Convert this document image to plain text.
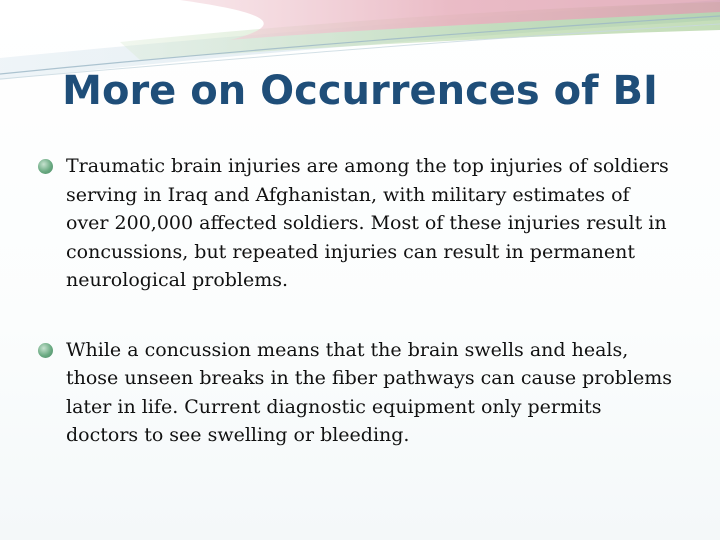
More on Occurrences of BI
Traumatic brain injuries are among the top injuries of soldiers serving in Iraq and Afghanistan, with military estimates of over 200,000 affected soldiers. Most of these injuries result in concussions, but repeated injuries can result in permanent neurological problems.
While a concussion means that the brain swells and heals, those unseen breaks in the fiber pathways can cause problems later in life. Current diagnostic equipment only permits doctors to see swelling or bleeding.
